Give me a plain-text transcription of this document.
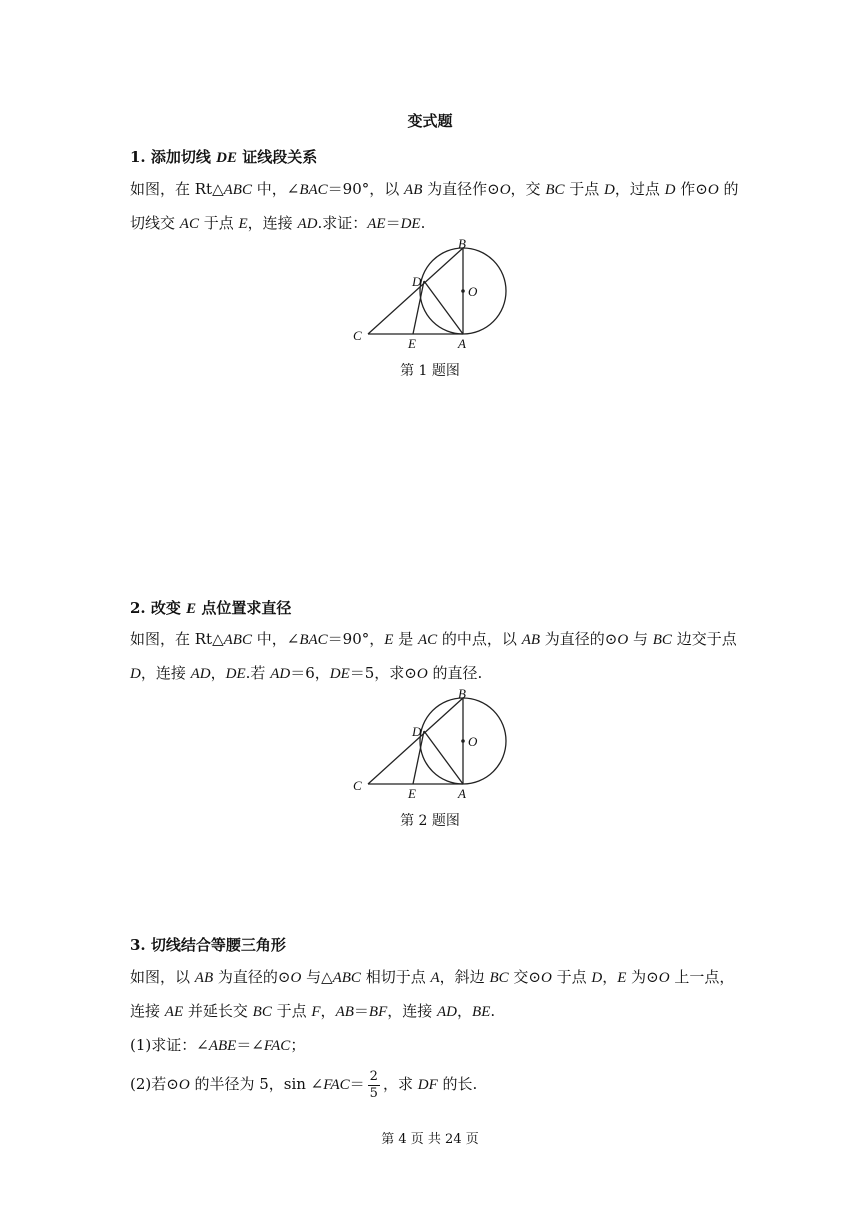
变式题
1. 添加切线 DE 证线段关系
如图，在 Rt△ABC 中，∠BAC＝90°，以 AB 为直径作⊙O，交 BC 于点 D，过点 D 作⊙O 的
切线交 AC 于点 E，连接 AD.求证：AE＝DE.
B
O
D
C
E	A
第 1 题图
2. 改变 E 点位置求直径
如图，在 Rt△ABC 中，∠BAC＝90°，E 是 AC 的中点，以 AB 为直径的⊙O 与 BC 边交于点
D，连接 AD，DE.若 AD＝6，DE＝5，求⊙O 的直径.
B
O
D
C
E	A
第 2 题图
3. 切线结合等腰三角形
如图，以 AB 为直径的⊙O 与△ABC 相切于点 A，斜边 BC 交⊙O 于点 D，E 为⊙O 上一点，
连接 AE 并延长交 BC 于点 F，AB＝BF，连接 AD，BE.
(1)求证：∠ABE＝∠FAC；
(2)若⊙O 的半径为 5，sin ∠FAC＝ $\frac{2}{5}$ ，求 DF 的长.
第 4 页 共 24 页
